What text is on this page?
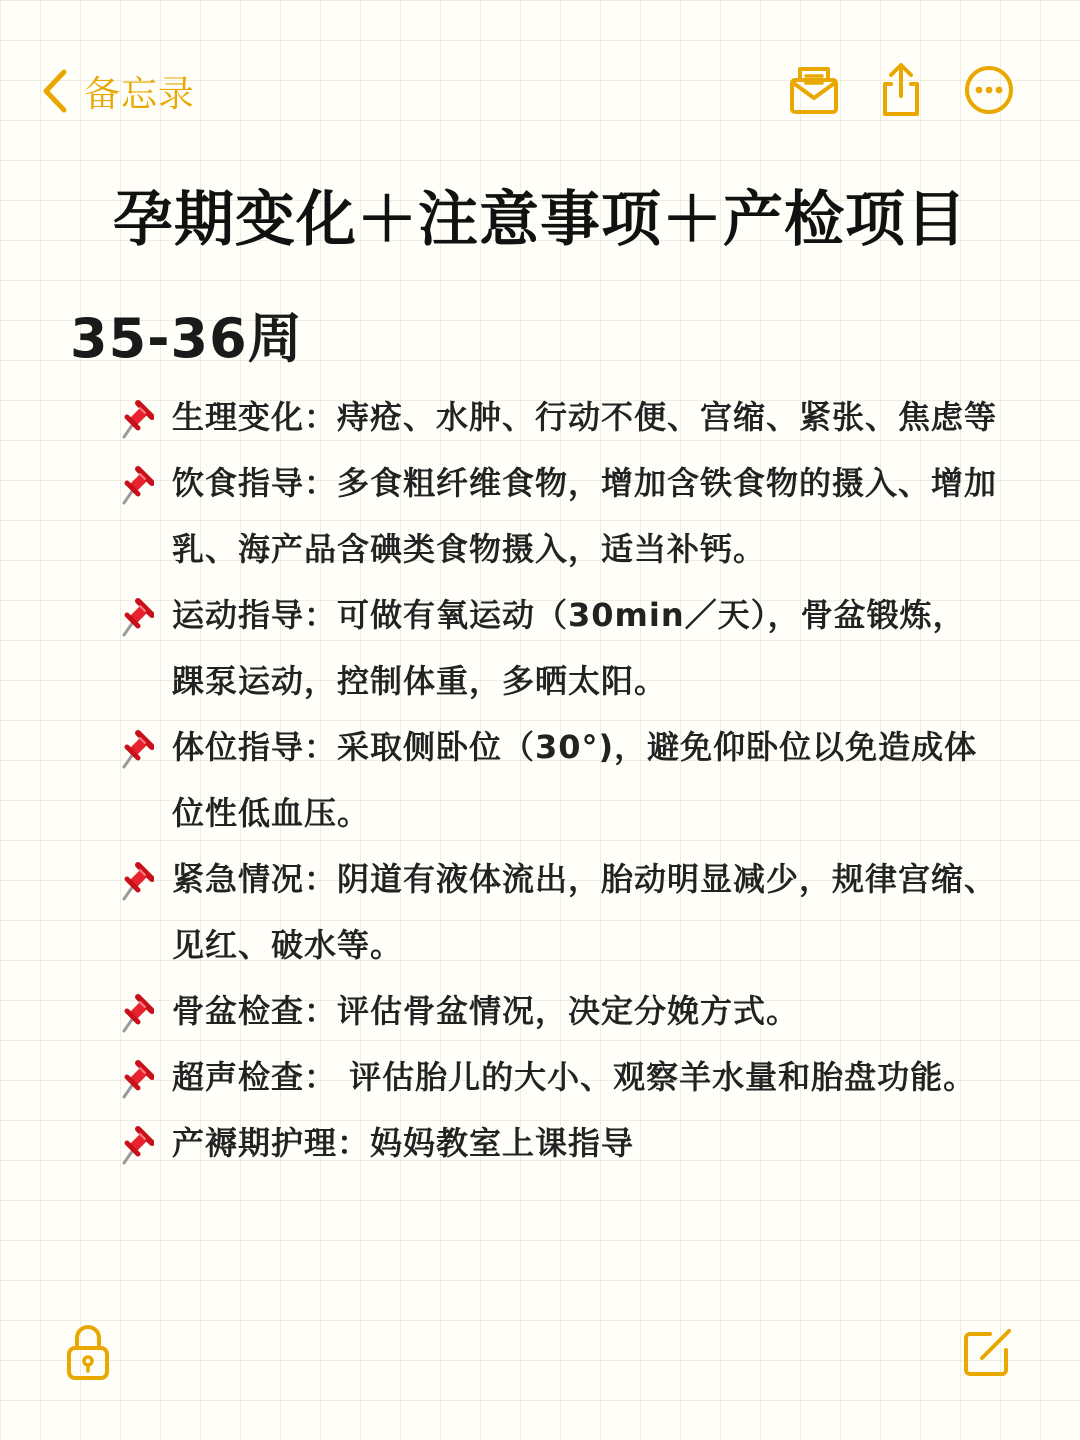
备忘录
孕期变化＋注意事项＋产检项目
35-36周
生理变化：痔疮、水肿、行动不便、宫缩、紧张、焦虑等
饮食指导：多食粗纤维食物，增加含铁食物的摄入、增加乳、海产品含碘类食物摄入，适当补钙。
运动指导：可做有氧运动（30min／天），骨盆锻炼，踝泵运动，控制体重，多晒太阳。
体位指导：采取侧卧位（30°)，避免仰卧位以免造成体位性低血压。
紧急情况：阴道有液体流出，胎动明显减少，规律宫缩、见红、破水等。
骨盆检查：评估骨盆情况，决定分娩方式。
超声检查： 评估胎儿的大小、观察羊水量和胎盘功能。
产褥期护理：妈妈教室上课指导
